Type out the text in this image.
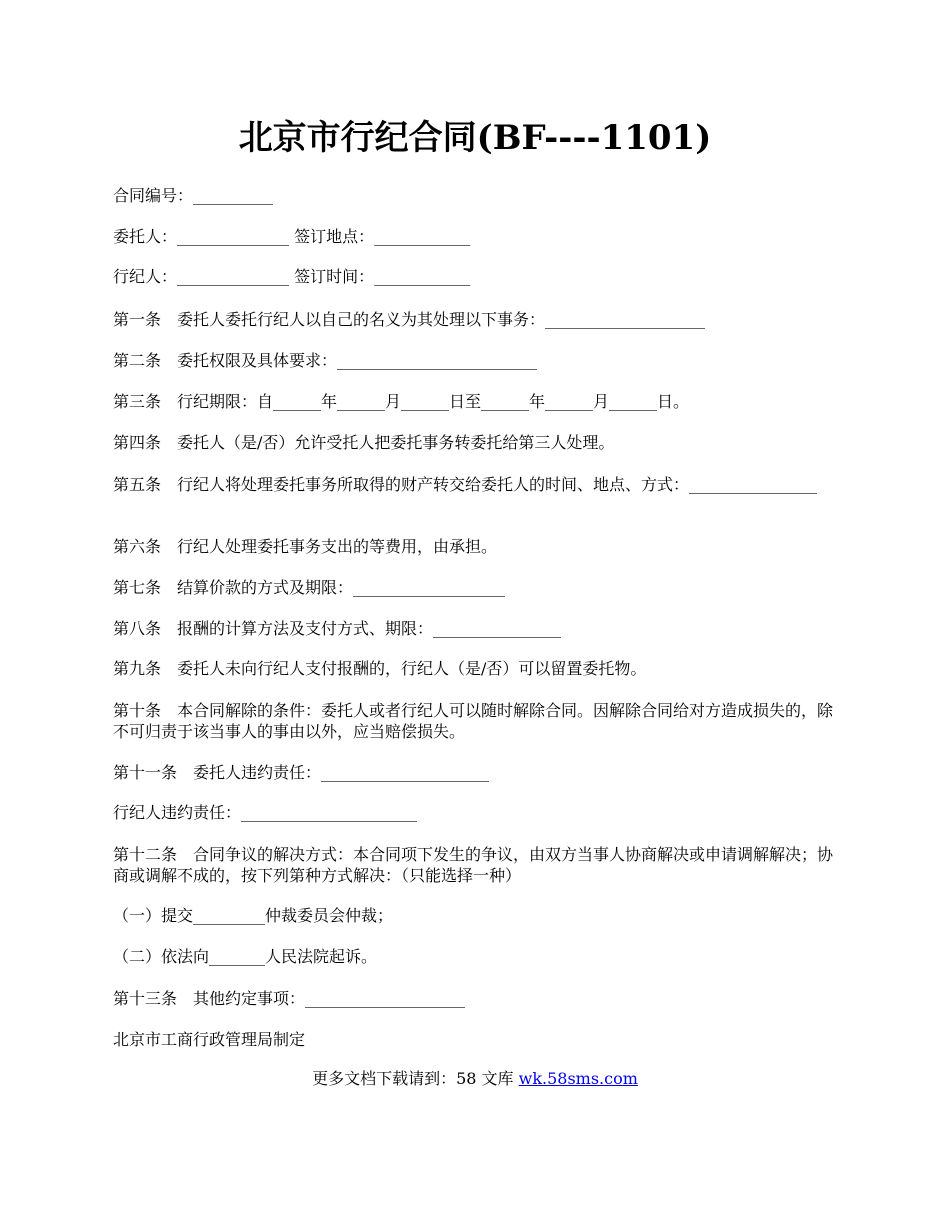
北京市行纪合同(BF----1101)
合同编号：__________
委托人：______________ 签订地点：____________
行纪人：______________ 签订时间：____________
第一条　委托人委托行纪人以自己的名义为其处理以下事务：____________________
第二条　委托权限及具体要求：_________________________
第三条　行纪期限：自______年______月______日至______年______月______日。
第四条　委托人（是/否）允许受托人把委托事务转委托给第三人处理。
第五条　行纪人将处理委托事务所取得的财产转交给委托人的时间、地点、方式：________________
第六条　行纪人处理委托事务支出的等费用，由承担。
第七条　结算价款的方式及期限：___________________
第八条　报酬的计算方法及支付方式、期限：________________
第九条　委托人未向行纪人支付报酬的，行纪人（是/否）可以留置委托物。
第十条　本合同解除的条件：委托人或者行纪人可以随时解除合同。因解除合同给对方造成损失的，除不可归责于该当事人的事由以外，应当赔偿损失。
第十一条　委托人违约责任：_____________________
行纪人违约责任：______________________
第十二条　合同争议的解决方式：本合同项下发生的争议，由双方当事人协商解决或申请调解解决；协商或调解不成的，按下列第种方式解决：（只能选择一种）
（一）提交_________仲裁委员会仲裁；
（二）依法向_______人民法院起诉。
第十三条　其他约定事项：____________________
北京市工商行政管理局制定
更多文档下载请到：58 文库 wk.58sms.com
